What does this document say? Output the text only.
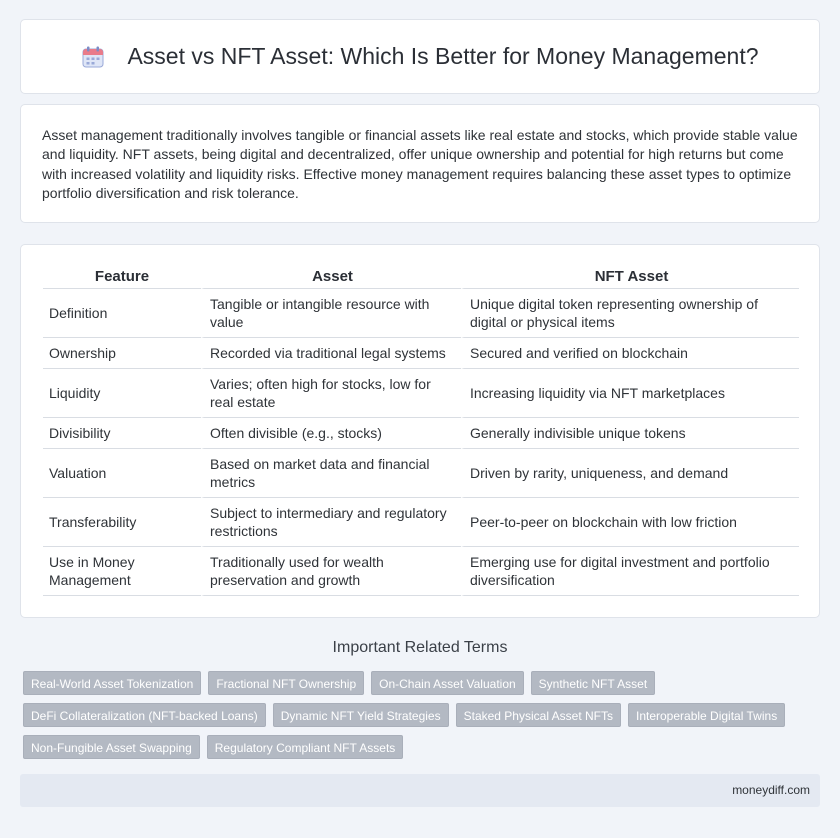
Asset vs NFT Asset: Which Is Better for Money Management?

Asset management traditionally involves tangible or financial assets like real estate and stocks, which provide stable value and liquidity. NFT assets, being digital and decentralized, offer unique ownership and potential for high returns but come with increased volatility and liquidity risks. Effective money management requires balancing these asset types to optimize portfolio diversification and risk tolerance.

Feature	Asset	NFT Asset
Definition	Tangible or intangible resource with value	Unique digital token representing ownership of digital or physical items
Ownership	Recorded via traditional legal systems	Secured and verified on blockchain
Liquidity	Varies; often high for stocks, low for real estate	Increasing liquidity via NFT marketplaces
Divisibility	Often divisible (e.g., stocks)	Generally indivisible unique tokens
Valuation	Based on market data and financial metrics	Driven by rarity, uniqueness, and demand
Transferability	Subject to intermediary and regulatory restrictions	Peer-to-peer on blockchain with low friction
Use in Money Management	Traditionally used for wealth preservation and growth	Emerging use for digital investment and portfolio diversification
Important Related Terms
Real-World Asset Tokenization	Fractional NFT Ownership	On-Chain Asset Valuation	Synthetic NFT Asset
DeFi Collateralization (NFT-backed Loans)	Dynamic NFT Yield Strategies	Staked Physical Asset NFTs	Interoperable Digital Twins
Non-Fungible Asset Swapping	Regulatory Compliant NFT Assets
moneydiff.com
